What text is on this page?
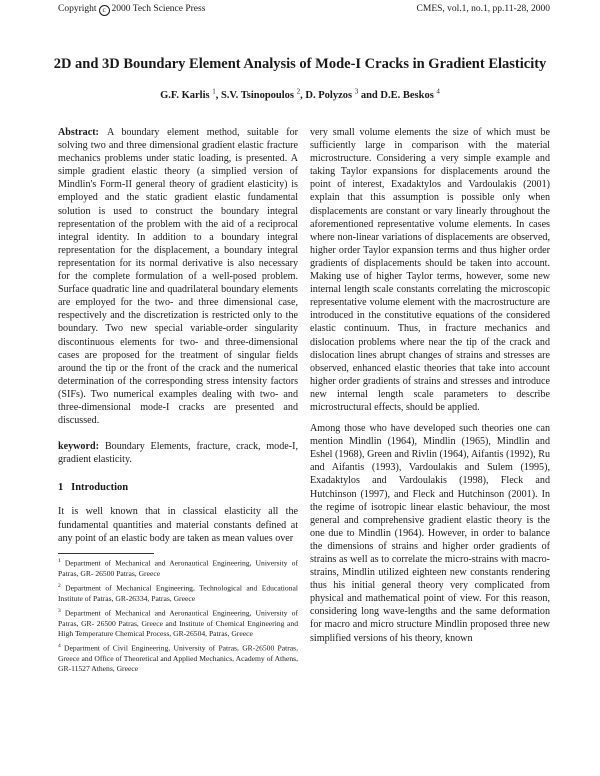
Copyright c 2000 Tech Science Press	CMES, vol.1, no.1, pp.11-28, 2000
2D and 3D Boundary Element Analysis of Mode-I Cracks in Gradient Elasticity
G.F. Karlis $^1$, S.V. Tsinopoulos $^2$, D. Polyzos $^3$ and D.E. Beskos $^4$

Abstract: A boundary element method, suitable for solving two and three dimensional gradient elastic fracture mechanics problems under static loading, is presented. A simple gradient elastic theory (a simplied version of Mindlin's Form-II general theory of gradient elasticity) is employed and the static gradient elastic fundamental solution is used to construct the boundary integral representation of the problem with the aid of a reciprocal integral identity. In addition to a boundary integral representation for the displacement, a boundary integral representation for its normal derivative is also necessary for the complete formulation of a well-posed problem. Surface quadratic line and quadrilateral boundary elements are employed for the two- and three dimensional case, respectively and the discretization is restricted only to the boundary. Two new special variable-order singularity discontinuous elements for two- and three-dimensional cases are proposed for the treatment of singular fields around the tip or the front of the crack and the numerical determination of the corresponding stress intensity factors (SIFs). Two numerical examples dealing with two- and three-dimensional mode-I cracks are presented and discussed.

keyword: Boundary Elements, fracture, crack, mode-I, gradient elasticity.

1 Introduction

It is well known that in classical elasticity all the fundamental quantities and material constants defined at any point of an elastic body are taken as mean values over

$^1$ Department of Mechanical and Aeronautical Engineering, University of Patras, GR- 26500 Patras, Greece

$^2$ Department of Mechanical Engineering, Technological and Educational Institute of Patras, GR-26334, Patras, Greece

$^3$ Department of Mechanical and Aeronautical Engineering, University of Patras, GR- 26500 Patras, Greece and Institute of Chemical Engineering and High Temperature Chemical Process, GR-26504, Patras, Greece

$^4$ Department of Civil Engineering, University of Patras, GR-26500 Patras, Greece and Office of Theoretical and Applied Mechanics, Academy of Athens, GR-11527 Athens, Greece

very small volume elements the size of which must be sufficiently large in comparison with the material microstructure. Considering a very simple example and taking Taylor expansions for displacements around the point of interest, Exadaktylos and Vardoulakis (2001) explain that this assumption is possible only when displacements are constant or vary linearly throughout the aforementioned representative volume elements. In cases where non-linear variations of displacements are observed, higher order Taylor expansion terms and thus higher order gradients of displacements should be taken into account. Making use of higher Taylor terms, however, some new internal length scale constants correlating the microscopic representative volume element with the macrostructure are introduced in the constitutive equations of the considered elastic continuum. Thus, in fracture mechanics and dislocation problems where near the tip of the crack and dislocation lines abrupt changes of strains and stresses are observed, enhanced elastic theories that take into account higher order gradients of strains and stresses and introduce new internal length scale parameters to describe microstructural effects, should be applied.

Among those who have developed such theories one can mention Mindlin (1964), Mindlin (1965), Mindlin and Eshel (1968), Green and Rivlin (1964), Aifantis (1992), Ru and Aifantis (1993), Vardoulakis and Sulem (1995), Exadaktylos and Vardoulakis (1998), Fleck and Hutchinson (1997), and Fleck and Hutchinson (2001). In the regime of isotropic linear elastic behaviour, the most general and comprehensive gradient elastic theory is the one due to Mindlin (1964). However, in order to balance the dimensions of strains and higher order gradients of strains as well as to correlate the micro-strains with macro-strains, Mindlin utilized eighteen new constants rendering thus his initial general theory very complicated from physical and mathematical point of view. For this reason, considering long wave-lengths and the same deformation for macro and micro structure Mindlin proposed three new simplified versions of his theory, known
